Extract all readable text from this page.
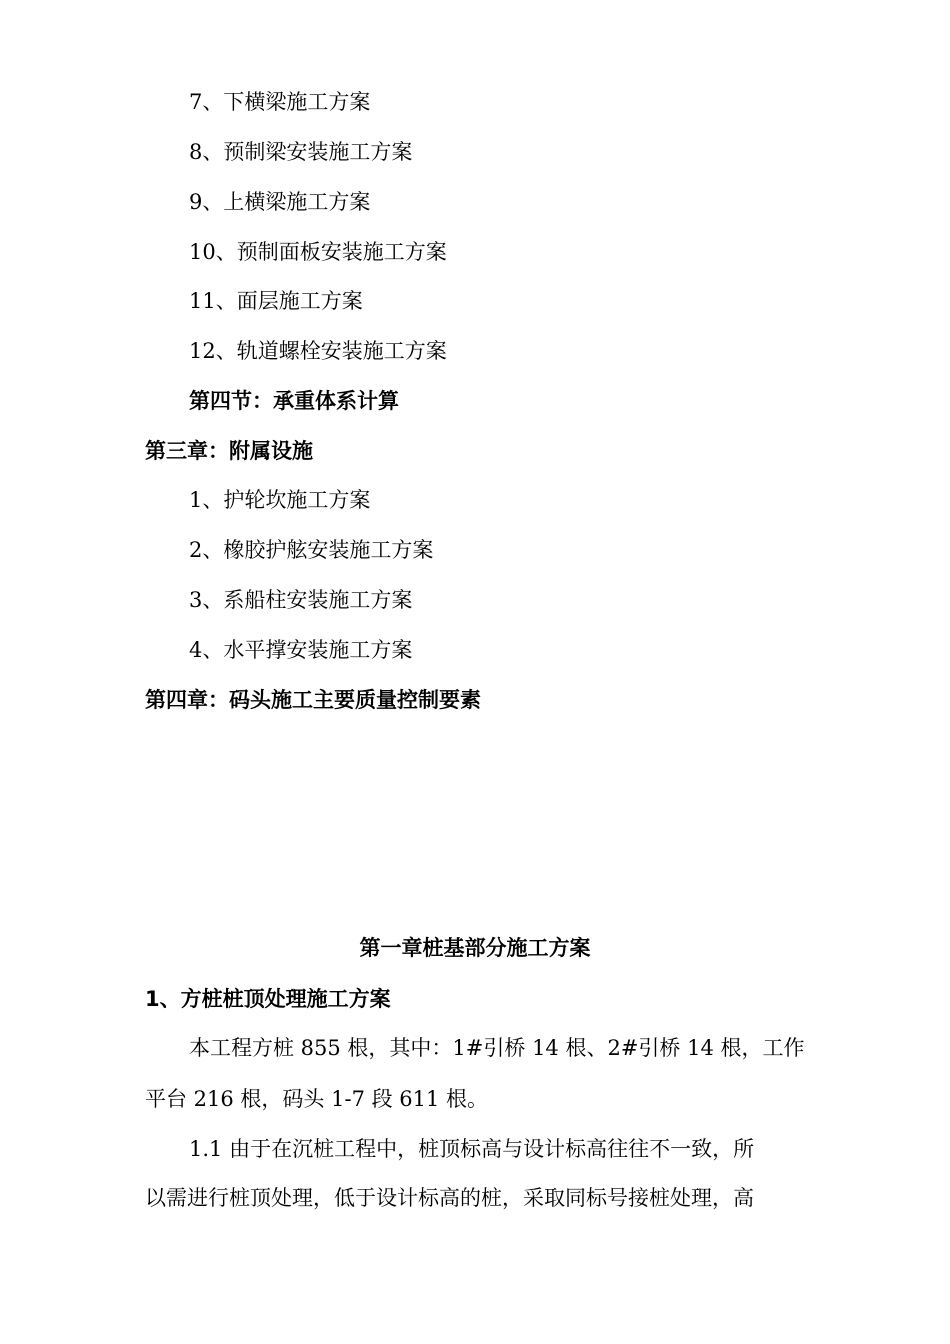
7、下横梁施工方案
8、预制梁安装施工方案
9、上横梁施工方案
10、预制面板安装施工方案
11、面层施工方案
12、轨道螺栓安装施工方案
第四节：承重体系计算
第三章：附属设施
1、护轮坎施工方案
2、橡胶护舷安装施工方案
3、系船柱安装施工方案
4、水平撑安装施工方案
第四章：码头施工主要质量控制要素
第一章桩基部分施工方案
1、方桩桩顶处理施工方案
本工程方桩 855 根，其中：1#引桥 14 根、2#引桥 14 根，工作
平台 216 根，码头 1-7 段 611 根。
1.1 由于在沉桩工程中，桩顶标高与设计标高往往不一致，所
以需进行桩顶处理，低于设计标高的桩，采取同标号接桩处理，高
